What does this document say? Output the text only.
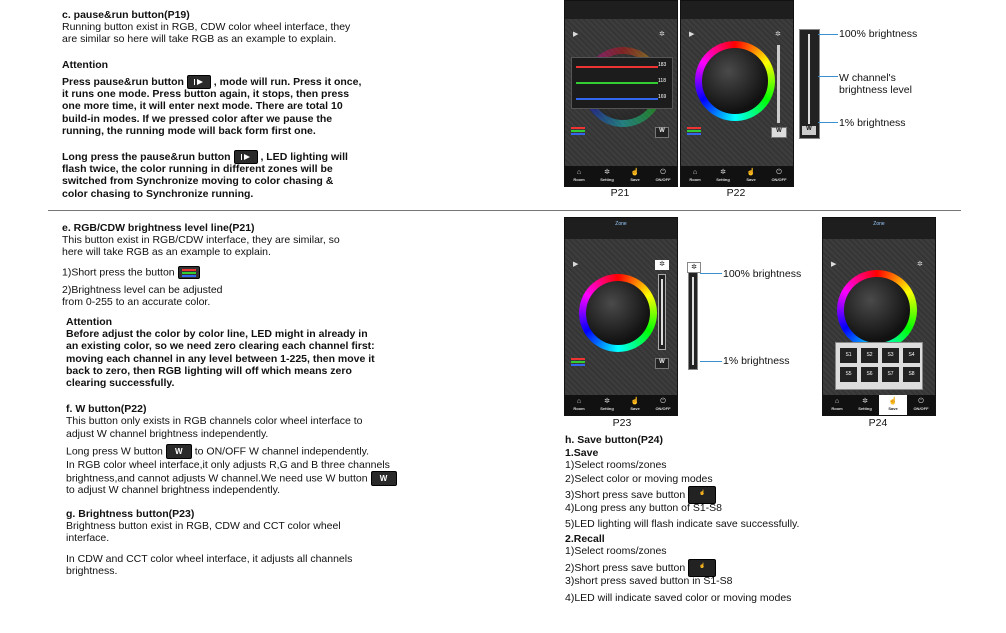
c. pause&run button(P19)
Running button exist in RGB, CDW color wheel interface, they
are similar so here will take RGB as an example to explain.
Attention
Press pause&run button	, mode will run. Press it once,
it runs one mode. Press button again, it stops, then press
one more time, it will enter next mode. There are total 10
build-in modes. If we pressed color after we pause the
running, the running mode will back form first one.
Long press the pause&run button	, LED lighting will
flash twice, the color running in different zones will be
switched from Synchronize moving to color chasing &
color chasing to Synchronize running.
e. RGB/CDW brightness level line(P21)
This button exist in RGB/CDW interface, they are similar, so
here will take RGB as an example to explain.
1)Short press the button
2)Brightness level can be adjusted
from 0-255 to an accurate color.
Attention
Before adjust the color by color line, LED might in already in
an existing color, so we need zero clearing each channel first:
moving each channel in any level between 1-225, then move it
back to zero, then RGB lighting will off which means zero
clearing successfully.
f. W button(P22)
This button only exists in RGB channels color wheel interface to
adjust W channel brightness independently.
Long press W button W to ON/OFF W channel independently.
In RGB color wheel interface,it only adjusts R,G and B three channels
brightness,and cannot adjusts W channel.We need use W button W
to adjust W channel brightness independently.
g. Brightness button(P23)
Brightness button exist in RGB, CDW and CCT color wheel
interface.
In CDW and CCT color wheel interface, it adjusts all channels
brightness.
h. Save button(P24)
1.Save
1)Select rooms/zones
2)Select color or moving modes
3)Short press save button	☝
4)Long press any button of S1-S8
5)LED lighting will flash indicate save successfully.
2.Recall
1)Select rooms/zones
2)Short press save button	☝
3)short press saved button in S1-S8
4)LED will indicate saved color or moving modes
▶	✲
183
118
169
W
⌂
Room
✲
Setting
☝
Save
⏻
ON/OFF
P21
▶	✲
W
⌂
Room
✲
Setting
☝
Save
⏻
ON/OFF
P22
W
100% brightness
W channel's
brightness level
1% brightness
Zone
▶	✲
W
⌂
Room
✲
Setting
☝
Save
⏻
ON/OFF
P23
✲
100% brightness
1% brightness
Zone
▶	✲
S1	S2	S3	S4
S5	S6	S7	S8
⌂
Room
✲
Setting
☝
Save
⏻
ON/OFF
P24
